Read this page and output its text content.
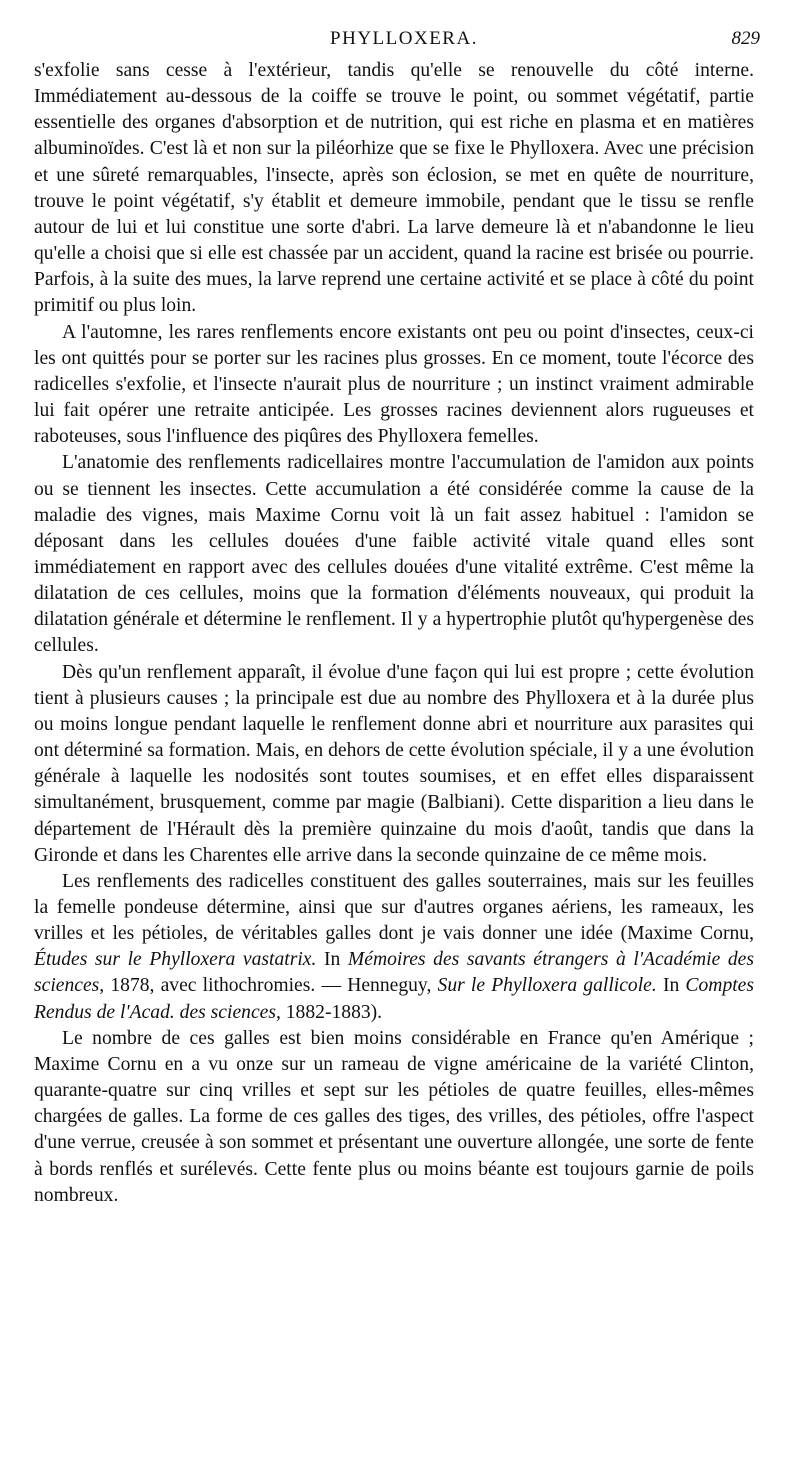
PHYLLOXERA.	829

s'exfolie sans cesse à l'extérieur, tandis qu'elle se renouvelle du côté interne. Immédiatement au-dessous de la coiffe se trouve le point, ou sommet végétatif, partie essentielle des organes d'absorption et de nutrition, qui est riche en plasma et en matières albuminoïdes. C'est là et non sur la piléorhize que se fixe le Phylloxera. Avec une précision et une sûreté remarquables, l'insecte, après son éclosion, se met en quête de nourriture, trouve le point végétatif, s'y établit et demeure immobile, pendant que le tissu se renfle autour de lui et lui constitue une sorte d'abri. La larve demeure là et n'abandonne le lieu qu'elle a choisi que si elle est chassée par un accident, quand la racine est brisée ou pourrie. Parfois, à la suite des mues, la larve reprend une certaine activité et se place à côté du point primitif ou plus loin.

A l'automne, les rares renflements encore existants ont peu ou point d'insectes, ceux-ci les ont quittés pour se porter sur les racines plus grosses. En ce moment, toute l'écorce des radicelles s'exfolie, et l'insecte n'aurait plus de nourriture ; un instinct vraiment admirable lui fait opérer une retraite anticipée. Les grosses racines deviennent alors rugueuses et raboteuses, sous l'influence des piqûres des Phylloxera femelles.

L'anatomie des renflements radicellaires montre l'accumulation de l'amidon aux points ou se tiennent les insectes. Cette accumulation a été considérée comme la cause de la maladie des vignes, mais Maxime Cornu voit là un fait assez habituel : l'amidon se déposant dans les cellules douées d'une faible activité vitale quand elles sont immédiatement en rapport avec des cellules douées d'une vitalité extrême. C'est même la dilatation de ces cellules, moins que la formation d'éléments nouveaux, qui produit la dilatation générale et détermine le renflement. Il y a hypertrophie plutôt qu'hypergenèse des cellules.

Dès qu'un renflement apparaît, il évolue d'une façon qui lui est propre ; cette évolution tient à plusieurs causes ; la principale est due au nombre des Phylloxera et à la durée plus ou moins longue pendant laquelle le renflement donne abri et nourriture aux parasites qui ont déterminé sa formation. Mais, en dehors de cette évolution spéciale, il y a une évolution générale à laquelle les nodosités sont toutes soumises, et en effet elles disparaissent simultanément, brusquement, comme par magie (Balbiani). Cette disparition a lieu dans le département de l'Hérault dès la première quinzaine du mois d'août, tandis que dans la Gironde et dans les Charentes elle arrive dans la seconde quinzaine de ce même mois.

Les renflements des radicelles constituent des galles souterraines, mais sur les feuilles la femelle pondeuse détermine, ainsi que sur d'autres organes aériens, les rameaux, les vrilles et les pétioles, de véritables galles dont je vais donner une idée (Maxime Cornu, Études sur le Phylloxera vastatrix. In Mémoires des savants étrangers à l'Académie des sciences, 1878, avec lithochromies. — Henneguy, Sur le Phylloxera gallicole. In Comptes Rendus de l'Acad. des sciences, 1882-1883).

Le nombre de ces galles est bien moins considérable en France qu'en Amérique ; Maxime Cornu en a vu onze sur un rameau de vigne américaine de la variété Clinton, quarante-quatre sur cinq vrilles et sept sur les pétioles de quatre feuilles, elles-mêmes chargées de galles. La forme de ces galles des tiges, des vrilles, des pétioles, offre l'aspect d'une verrue, creusée à son sommet et présentant une ouverture allongée, une sorte de fente à bords renflés et surélevés. Cette fente plus ou moins béante est toujours garnie de poils nombreux.
